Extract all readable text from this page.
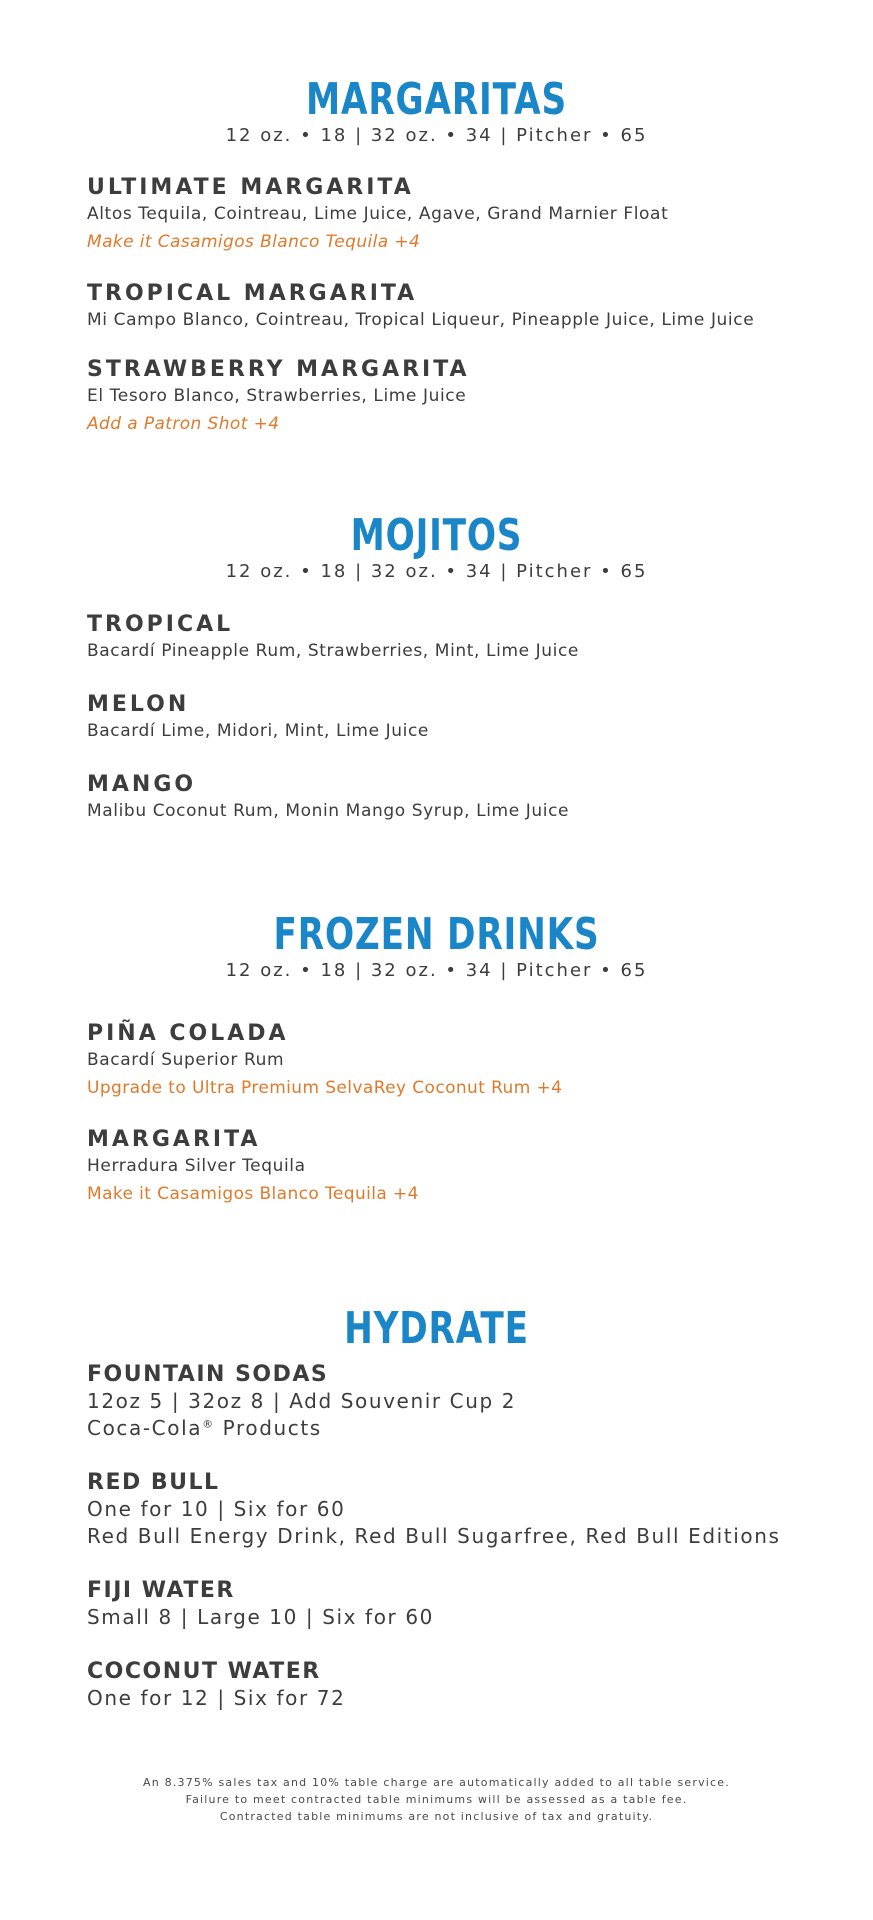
MARGARITAS
12 oz. • 18 | 32 oz. • 34 | Pitcher • 65

ULTIMATE MARGARITA

Altos Tequila, Cointreau, Lime Juice, Agave, Grand Marnier Float

Make it Casamigos Blanco Tequila +4

TROPICAL MARGARITA

Mi Campo Blanco, Cointreau, Tropical Liqueur, Pineapple Juice, Lime Juice

STRAWBERRY MARGARITA

El Tesoro Blanco, Strawberries, Lime Juice

Add a Patron Shot +4

MOJITOS
12 oz. • 18 | 32 oz. • 34 | Pitcher • 65

TROPICAL

Bacardí Pineapple Rum, Strawberries, Mint, Lime Juice

MELON

Bacardí Lime, Midori, Mint, Lime Juice

MANGO

Malibu Coconut Rum, Monin Mango Syrup, Lime Juice

FROZEN DRINKS
12 oz. • 18 | 32 oz. • 34 | Pitcher • 65

PIÑA COLADA

Bacardí Superior Rum

Upgrade to Ultra Premium SelvaRey Coconut Rum +4

MARGARITA

Herradura Silver Tequila

Make it Casamigos Blanco Tequila +4

HYDRATE

FOUNTAIN SODAS

12oz 5 | 32oz 8 | Add Souvenir Cup 2

Coca-Cola® Products

RED BULL

One for 10 | Six for 60

Red Bull Energy Drink, Red Bull Sugarfree, Red Bull Editions

FIJI WATER

Small 8 | Large 10 | Six for 60

COCONUT WATER

One for 12 | Six for 72

An 8.375% sales tax and 10% table charge are automatically added to all table service.
Failure to meet contracted table minimums will be assessed as a table fee.
Contracted table minimums are not inclusive of tax and gratuity.
